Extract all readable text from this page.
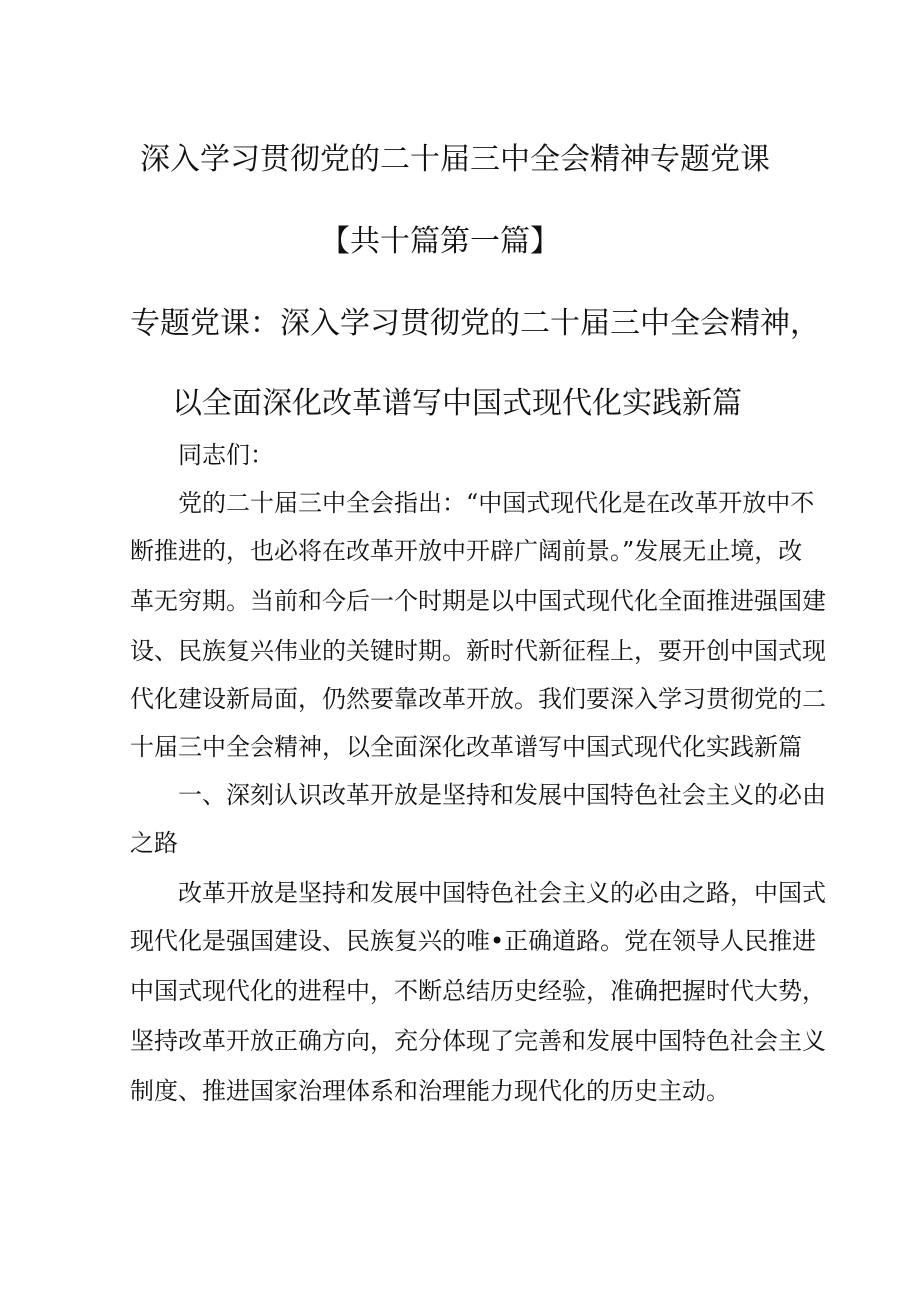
深入学习贯彻党的二十届三中全会精神专题党课
【共十篇第一篇】
专题党课：深入学习贯彻党的二十届三中全会精神，
以全面深化改革谱写中国式现代化实践新篇
同志们：
党的二十届三中全会指出：“中国式现代化是在改革开放中不
断推进的，也必将在改革开放中开辟广阔前景。”发展无止境，改
革无穷期。当前和今后一个时期是以中国式现代化全面推进强国建
设、民族复兴伟业的关键时期。新时代新征程上，要开创中国式现
代化建设新局面，仍然要靠改革开放。我们要深入学习贯彻党的二
十届三中全会精神，以全面深化改革谱写中国式现代化实践新篇
一、深刻认识改革开放是坚持和发展中国特色社会主义的必由
之路
改革开放是坚持和发展中国特色社会主义的必由之路，中国式
现代化是强国建设、民族复兴的唯•正确道路。党在领导人民推进
中国式现代化的进程中，不断总结历史经验，准确把握时代大势，
坚持改革开放正确方向，充分体现了完善和发展中国特色社会主义
制度、推进国家治理体系和治理能力现代化的历史主动。
